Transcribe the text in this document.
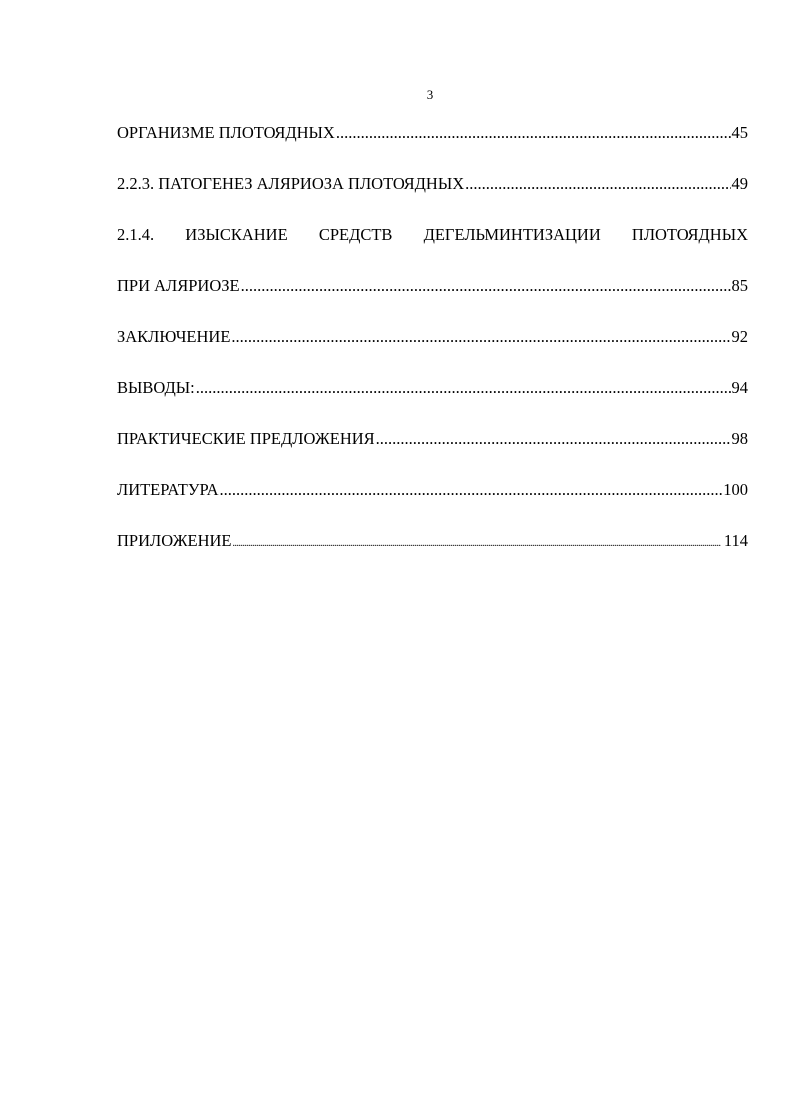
3
ОРГАНИЗМЕ ПЛОТОЯДНЫХ .....	45
2.2.3. ПАТОГЕНЕЗ АЛЯРИОЗА ПЛОТОЯДНЫХ .....	49
2.1.4. ИЗЫСКАНИЕ СРЕДСТВ ДЕГЕЛЬМИНТИЗАЦИИ ПЛОТОЯДНЫХ
ПРИ АЛЯРИОЗЕ .....	85
ЗАКЛЮЧЕНИЕ .....	92
ВЫВОДЫ: .....	94
ПРАКТИЧЕСКИЕ ПРЕДЛОЖЕНИЯ .....	98
ЛИТЕРАТУРА .....	100
ПРИЛОЖЕНИЕ .....	114
